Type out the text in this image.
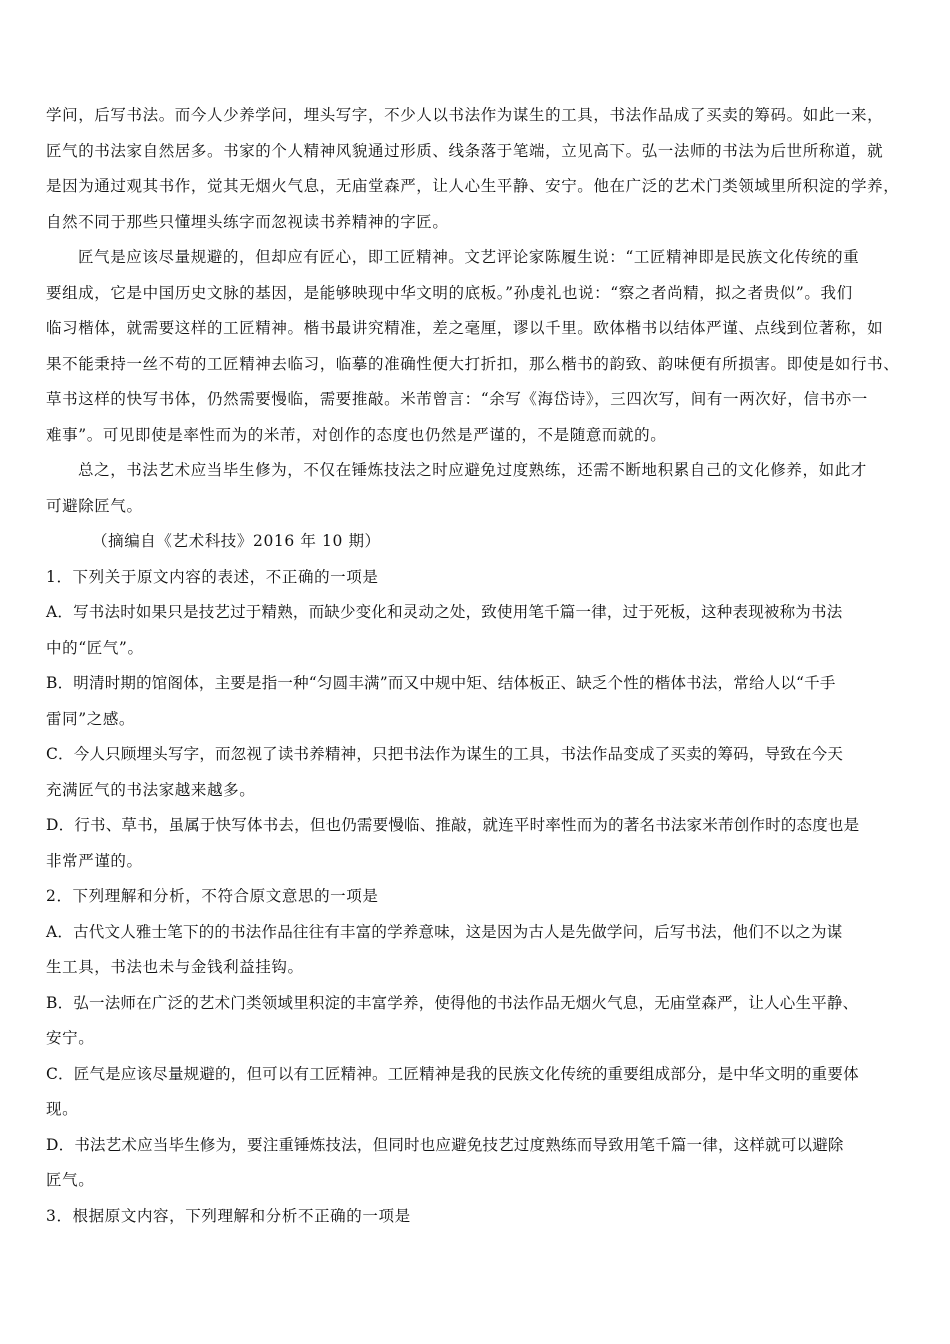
学问，后写书法。而今人少养学问，埋头写字，不少人以书法作为谋生的工具，书法作品成了买卖的筹码。如此一来，

匠气的书法家自然居多。书家的个人精神风貌通过形质、线条落于笔端，立见高下。弘一法师的书法为后世所称道，就

是因为通过观其书作，觉其无烟火气息，无庙堂森严，让人心生平静、安宁。他在广泛的艺术门类领域里所积淀的学养，

自然不同于那些只懂埋头练字而忽视读书养精神的字匠。

匠气是应该尽量规避的，但却应有匠心，即工匠精神。文艺评论家陈履生说：“工匠精神即是民族文化传统的重

要组成，它是中国历史文脉的基因，是能够映现中华文明的底板。”孙虔礼也说：“察之者尚精，拟之者贵似”。我们

临习楷体，就需要这样的工匠精神。楷书最讲究精准，差之毫厘，谬以千里。欧体楷书以结体严谨、点线到位著称，如

果不能秉持一丝不苟的工匠精神去临习，临摹的准确性便大打折扣，那么楷书的韵致、韵味便有所损害。即使是如行书、

草书这样的快写书体，仍然需要慢临，需要推敲。米芾曾言：“余写《海岱诗》，三四次写，间有一两次好，信书亦一

难事”。可见即使是率性而为的米芾，对创作的态度也仍然是严谨的，不是随意而就的。

总之，书法艺术应当毕生修为，不仅在锤炼技法之时应避免过度熟练，还需不断地积累自己的文化修养，如此才

可避除匠气。

（摘编自《艺术科技》2016 年 10 期）

1．下列关于原文内容的表述，不正确的一项是

A．写书法时如果只是技艺过于精熟，而缺少变化和灵动之处，致使用笔千篇一律，过于死板，这种表现被称为书法

中的“匠气”。

B．明清时期的馆阁体，主要是指一种“匀圆丰满”而又中规中矩、结体板正、缺乏个性的楷体书法，常给人以“千手

雷同”之感。

C．今人只顾埋头写字，而忽视了读书养精神，只把书法作为谋生的工具，书法作品变成了买卖的筹码，导致在今天

充满匠气的书法家越来越多。

D．行书、草书，虽属于快写体书去，但也仍需要慢临、推敲，就连平时率性而为的著名书法家米芾创作时的态度也是

非常严谨的。

2．下列理解和分析，不符合原文意思的一项是

A．古代文人雅士笔下的的书法作品往往有丰富的学养意味，这是因为古人是先做学问，后写书法，他们不以之为谋

生工具，书法也未与金钱利益挂钩。

B．弘一法师在广泛的艺术门类领域里积淀的丰富学养，使得他的书法作品无烟火气息，无庙堂森严，让人心生平静、

安宁。

C．匠气是应该尽量规避的，但可以有工匠精神。工匠精神是我的民族文化传统的重要组成部分，是中华文明的重要体

现。

D．书法艺术应当毕生修为，要注重锤炼技法，但同时也应避免技艺过度熟练而导致用笔千篇一律，这样就可以避除

匠气。

3．根据原文内容，下列理解和分析不正确的一项是
